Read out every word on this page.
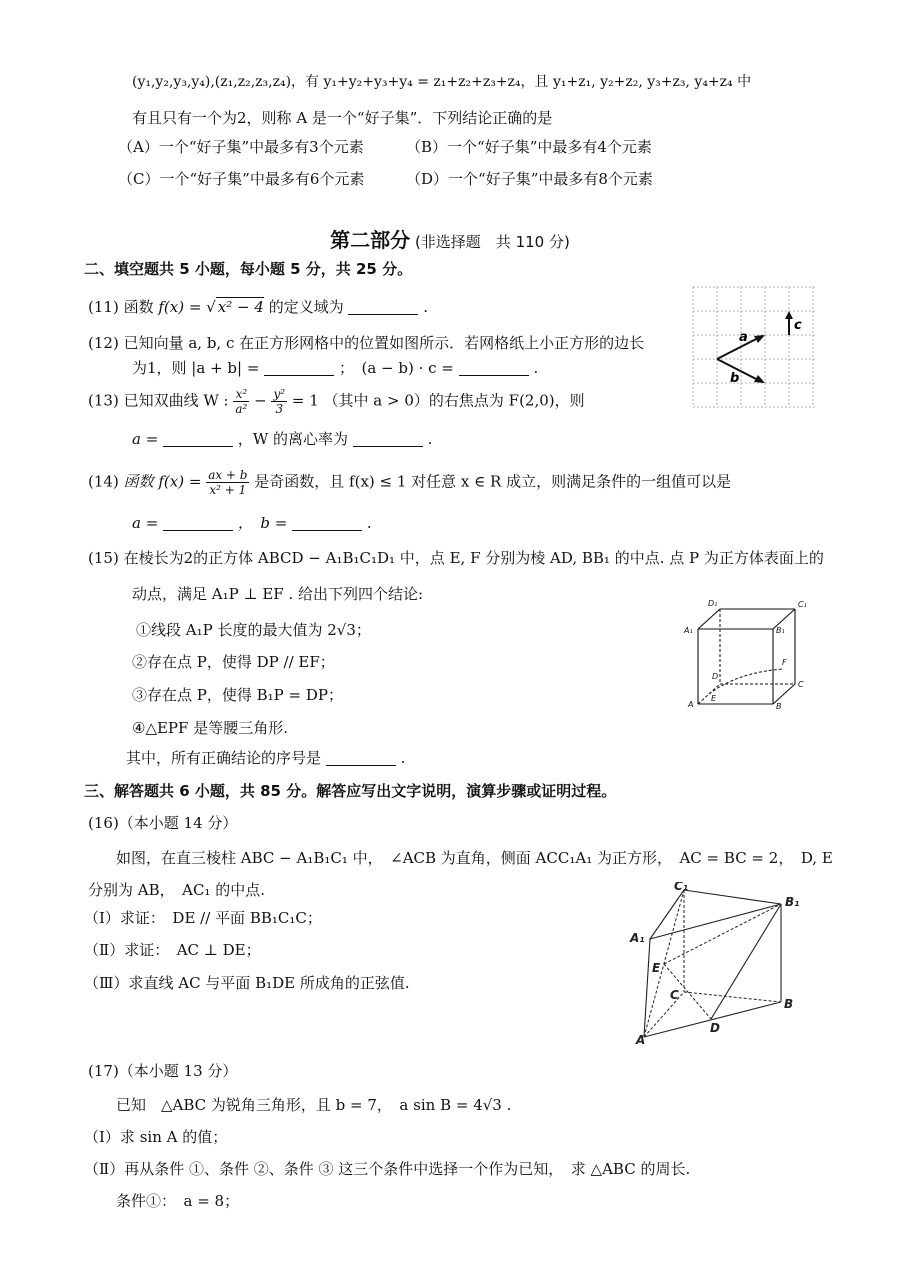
(y₁,y₂,y₃,y₄),(z₁,z₂,z₃,z₄)，有 y₁+y₂+y₃+y₄ = z₁+z₂+z₃+z₄，且 y₁+z₁, y₂+z₂, y₃+z₃, y₄+z₄ 中
有且只有一个为2，则称 A 是一个“好子集”．下列结论正确的是
（A）一个“好子集”中最多有3个元素	（B）一个“好子集”中最多有4个元素
（C）一个“好子集”中最多有6个元素	（D）一个“好子集”中最多有8个元素
第二部分 (非选择题　共 110 分)
二、填空题共 5 小题，每小题 5 分，共 25 分。
(11) 函数 f(x) = √ x² − 4 的定义域为	.
(12) 已知向量 a, b, c 在正方形网格中的位置如图所示．若网格纸上小正方形的边长
为1，则 |a + b| =	；　(a − b) · c =	.
a
b
c
(13) 已知双曲线 W : $\frac{\text{x²}}{\text{a²}} - \frac{\text{y²}}{3} = 1$ （其中 a > 0）的右焦点为 F(2,0)，则
a =	，W 的离心率为	.
(14) 函数 $f(x) = \frac{ax + b}{\text{x² + 1}}$ 是奇函数，且 f(x) ≤ 1 对任意 x ∈ R 成立，则满足条件的一组值可以是
a =	，　b =	.
(15) 在棱长为2的正方体 ABCD − A₁B₁C₁D₁ 中，点 E, F 分别为棱 AD, BB₁ 的中点. 点 P 为正方体表面上的
动点，满足 A₁P ⊥ EF . 给出下列四个结论:
①线段 A₁P 长度的最大值为 2√3；
②存在点 P，使得 DP // EF；
③存在点 P，使得 B₁P = DP；
④△EPF 是等腰三角形.
其中，所有正确结论的序号是	.
A	B
C
D
A₁	B₁
C₁
D₁
E
F
三、解答题共 6 小题，共 85 分。解答应写出文字说明，演算步骤或证明过程。
(16)（本小题 14 分）
如图，在直三棱柱 ABC − A₁B₁C₁ 中，　∠ACB 为直角，侧面 ACC₁A₁ 为正方形，　AC = BC = 2，　D, E
分别为 AB，　AC₁ 的中点.
（Ⅰ）求证：　DE // 平面 BB₁C₁C；
（Ⅱ）求证：　AC ⊥ DE；
（Ⅲ）求直线 AC 与平面 B₁DE 所成角的正弦值.
A
B
C
D
E
A₁
B₁
C₁
(17)（本小题 13 分）
已知　△ABC 为锐角三角形，且 b = 7，　a sin B = 4√3 .
（Ⅰ）求 sin A 的值；
（Ⅱ）再从条件 ①、条件 ②、条件 ③ 这三个条件中选择一个作为已知，　求 △ABC 的周长.
条件①：　a = 8；
